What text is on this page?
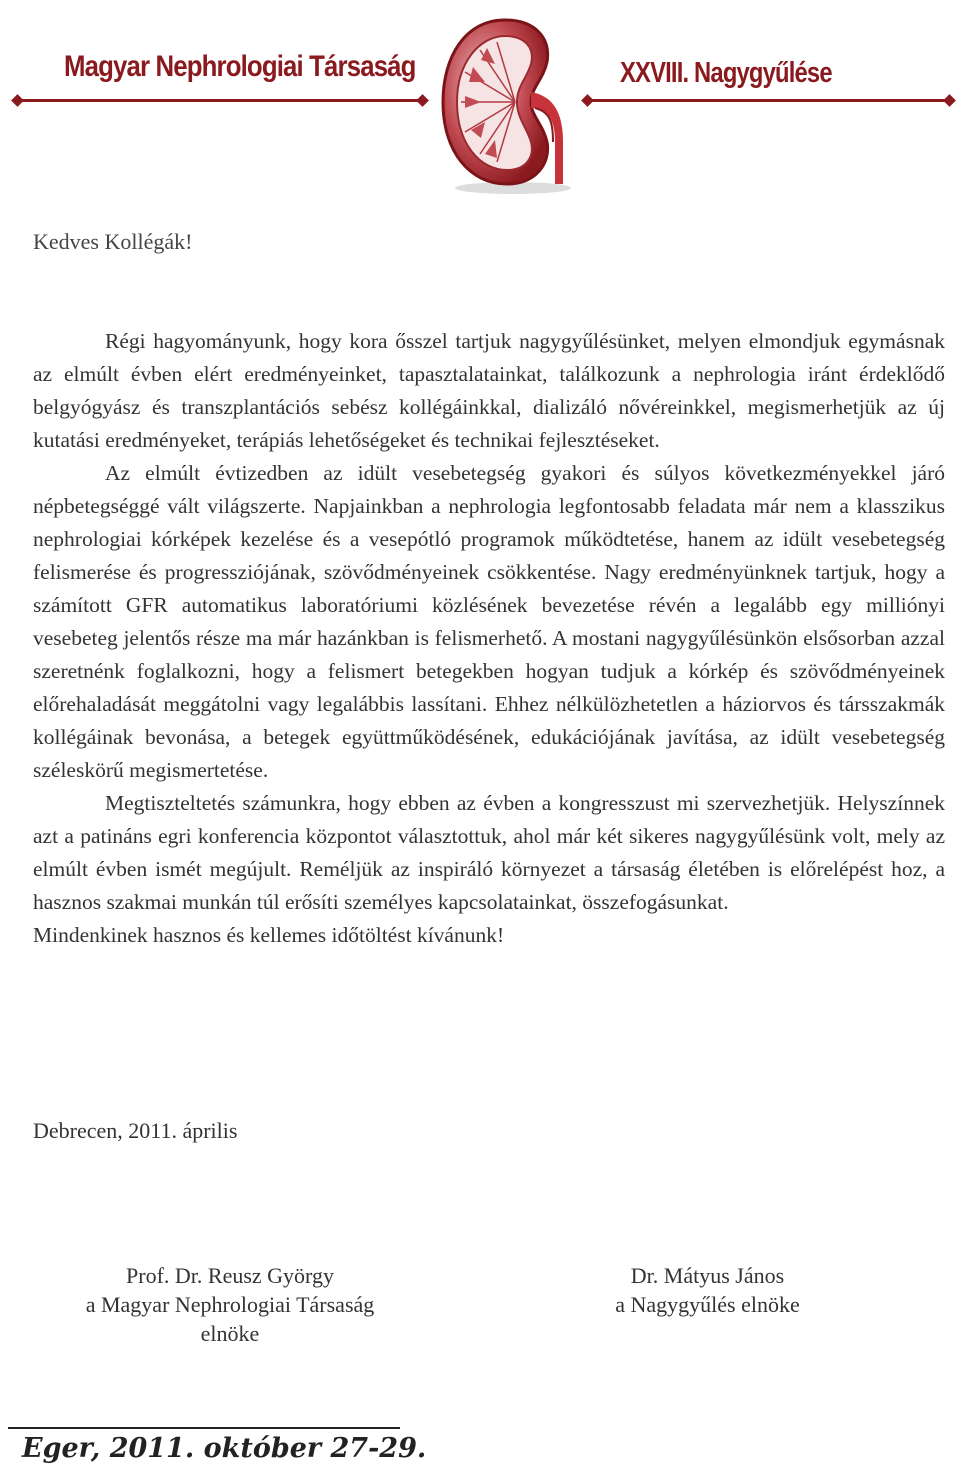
Magyar Nephrologiai Társaság	XXVIII. Nagygyűlése
Kedves Kollégák!

Régi hagyományunk, hogy kora ősszel tartjuk nagygyűlésünket, melyen elmondjuk egymásnak az elmúlt évben elért eredményeinket, tapasztalatainkat, találkozunk a nephrologia iránt érdeklődő belgyógyász és transzplantációs sebész kollégáinkkal, dializáló nővéreinkkel, megismerhetjük az új kutatási eredményeket, terápiás lehetőségeket és technikai fejlesztéseket.

Az elmúlt évtizedben az idült vesebetegség gyakori és súlyos következményekkel járó népbetegséggé vált világszerte. Napjainkban a nephrologia legfontosabb feladata már nem a klasszikus nephrologiai kórképek kezelése és a vesepótló programok működtetése, hanem az idült vesebetegség felismerése és progressziójának, szövődményeinek csökkentése. Nagy eredményünknek tartjuk, hogy a számított GFR automatikus laboratóriumi közlésének bevezetése révén a legalább egy milliónyi vesebeteg jelentős része ma már hazánkban is felismerhető. A mostani nagygyűlésünkön elsősorban azzal szeretnénk foglalkozni, hogy a felismert betegekben hogyan tudjuk a kórkép és szövődményeinek előrehaladását meggátolni vagy legalábbis lassítani. Ehhez nélkülözhetetlen a háziorvos és társszakmák kollégáinak bevonása, a betegek együttműködésének, edukációjának javítása, az idült vesebetegség széleskörű megismertetése.

Megtiszteltetés számunkra, hogy ebben az évben a kongresszust mi szervezhetjük. Helyszínnek azt a patináns egri konferencia központot választottuk, ahol már két sikeres nagygyűlésünk volt, mely az elmúlt évben ismét megújult. Reméljük az inspiráló környezet a társaság életében is előrelépést hoz, a hasznos szakmai munkán túl erősíti személyes kapcsolatainkat, összefogásunkat.

Mindenkinek hasznos és kellemes időtöltést kívánunk!

Debrecen, 2011. április
Prof. Dr. Reusz György
a Magyar Nephrologiai Társaság
elnöke
Dr. Mátyus János
a Nagygyűlés elnöke
Eger, 2011. október 27-29.
